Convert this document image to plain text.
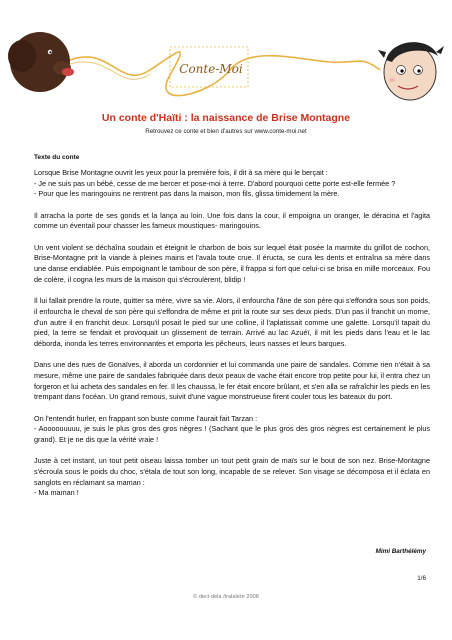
Conte-Moi
Un conte d'Haïti : la naissance de Brise Montagne
Retrouvez ce conte et bien d'autres sur www.conte-moi.net
Texte du conte

Lorsque Brise Montagne ouvrit les yeux pour la première fois, il dit à sa mère qui le berçait :
- Je ne suis pas un bébé, cesse de me bercer et pose-moi à terre. D'abord pourquoi cette porte est-elle fermée ?
- Pour que les maringouins ne rentrent pas dans la maison, mon fils, glissa timidement la mère.

Il arracha la porte de ses gonds et la lança au loin. Une fois dans la cour, il empoigna un oranger, le déracina et l'agita comme un éventail pour chasser les fameux moustiques- maringouins.

Un vent violent se déchaîna soudain et éteignit le charbon de bois sur lequel était posée la marmite du grillot de cochon, Brise-Montagne prit la viande à pleines mains et l'avala toute crue. Il éructa, se cura les dents et entraîna sa mère dans une danse endiablée. Puis empoignant le tambour de son père, il frappa si fort que celui-ci se brisa en mille morceaux. Fou de colère, il cogna les murs de la maison qui s'écroulèrent, blidip !

Il lui fallait prendre la route, quitter sa mère, vivre sa vie. Alors, il enfourcha l'âne de son père qui s'effondra sous son poids, il enfourcha le cheval de son père qui s'effondra de même et prit la route sur ses deux pieds. D'un pas il franchit un morne, d'un autre il en franchit deux. Lorsqu'il posait le pied sur une colline, il l'aplatissait comme une galette. Lorsqu'il tapait du pied, la terre se fendait et provoquait un glissement de terrain. Arrivé au lac Azuéï, il mit les pieds dans l'eau et le lac déborda, inonda les terres environnantes et emporta les pêcheurs, leurs nasses et leurs barques.

Dans une des rues de Gonaïves, il aborda un cordonnier et lui commanda une paire de sandales. Comme rien n'était à sa mesure, même une paire de sandales fabriquée dans deux peaux de vache était encore trop petite pour lui, il entra chez un forgeron et lui acheta des sandales en fer. Il les chaussa, le fer était encore brûlant, et s'en alla se rafraîchir les pieds en les trempant dans l'océan. Un grand remous, suivit d'une vague monstrueuse firent couler tous les bateaux du port.

On l'entendit hurler, en frappant son buste comme l'aurait fait Tarzan :
- Aoooouuuuu, je suis le plus gros des gros nègres ! (Sachant que le plus gros des gros nègres est certainement le plus grand). Et je ne dis que la vérité vraie !

Juste à cet instant, un tout petit oiseau laissa tomber un tout petit grain de maïs sur le bout de son nez. Brise-Montagne s'écroula sous le poids du choc, s'étala de tout son long, incapable de se relever. Son visage se décomposa et il éclata en sanglots en réclamant sa maman :
- Ma maman !

Mimi Barthélémy
1/6
© deci-dela /tralalere 2008
